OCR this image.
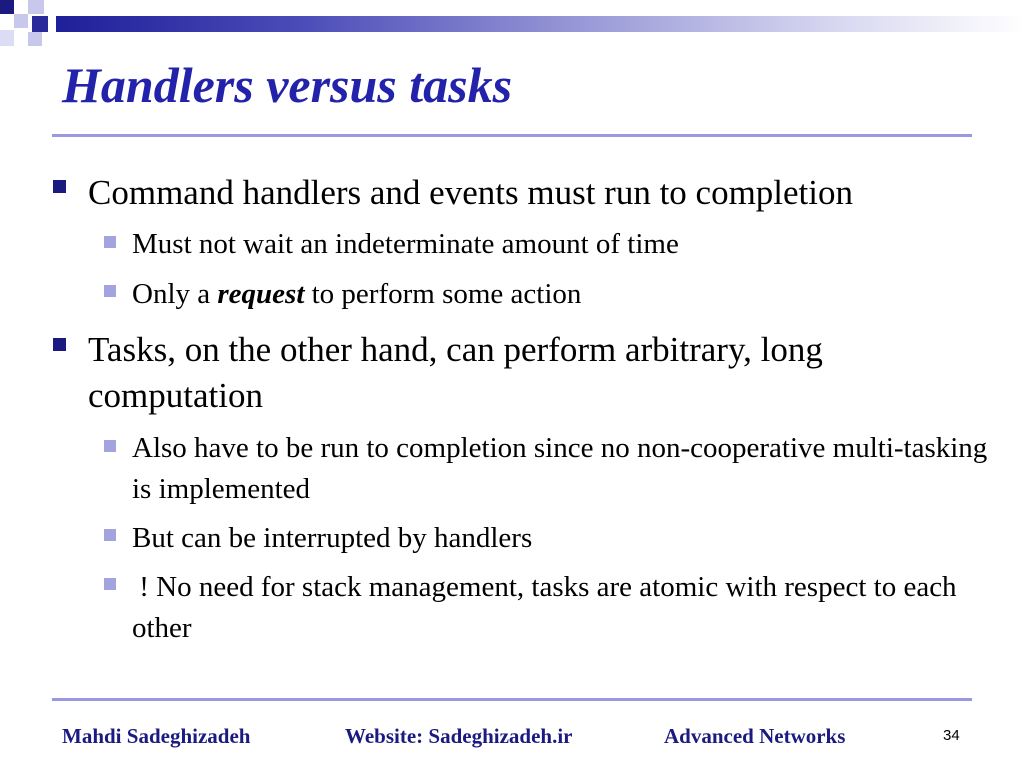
Handlers versus tasks
Command handlers and events must run to completion
Must not wait an indeterminate amount of time
Only a request to perform some action
Tasks, on the other hand, can perform arbitrary, long computation
Also have to be run to completion since no non-cooperative multi-tasking is implemented
But can be interrupted by handlers
! No need for stack management, tasks are atomic with respect to each other
Mahdi Sadeghizadeh	Website: Sadeghizadeh.ir	Advanced Networks	34
